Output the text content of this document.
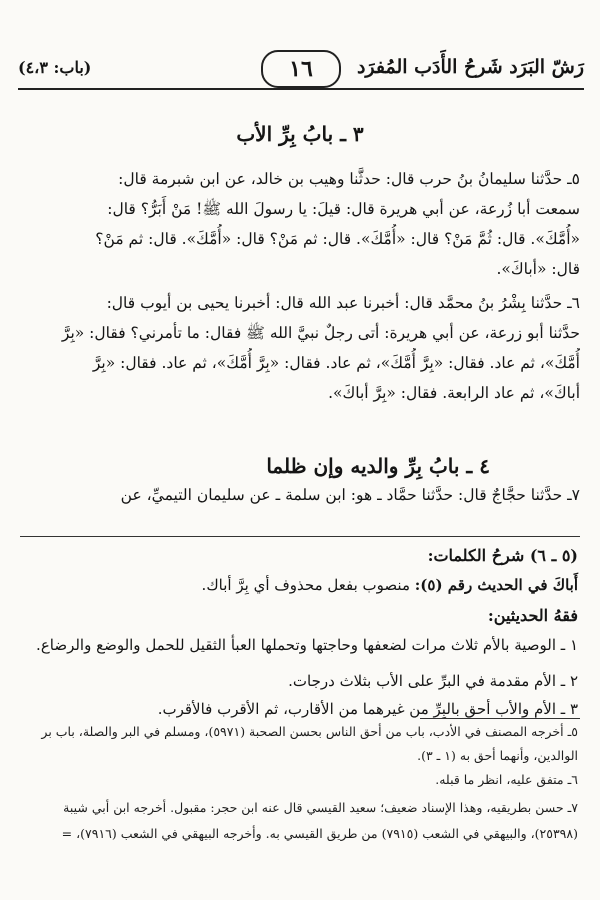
رَشّ البَرَد شَرحُ الأَدَب المُفرَد
١٦
(باب: ٤،٣)
٣ ـ بابُ بِرِّ الأب
٥ـ حدَّثنا سليمانُ بنُ حرب قال: حدثَّنا وهيب بن خالد، عن ابن شبرمة قال:
سمعت أبا زُرعة، عن أبي هريرة قال: قيلَ: يا رسولَ الله ﷺ! مَنْ أَبَرُّ؟ قال:
«أُمَّكَ». قال: ثُمَّ مَنْ؟ قال: «أُمَّكَ». قال: ثم مَنْ؟ قال: «أُمَّكَ». قال: ثم مَنْ؟
قال: «أباكَ».
٦ـ حدَّثنا بِشْرُ بنُ محمَّد قال: أخبرنا عبد الله قال: أخبرنا يحيى بن أيوب قال:
حدَّثنا أبو زرعة، عن أبي هريرة: أتى رجلٌ نبيَّ الله ﷺ فقال: ما تأمرني؟ فقال: «بِرَّ
أُمَّكَ»، ثم عاد. فقال: «بِرَّ أُمَّكَ»، ثم عاد. فقال: «بِرَّ أُمَّكَ»، ثم عاد. فقال: «بِرَّ
أباكَ»، ثم عاد الرابعة. فقال: «بِرَّ أباكَ».
٤ ـ بابُ بِرِّ والديه وإن ظلما
٧ـ حدَّثنا حجَّاجٌ قال: حدَّثنا حمَّاد ـ هو: ابن سلمة ـ عن سليمان التيميِّ، عن
(٥ ـ ٦) شرحُ الكلمات:
أَباكَ في الحديث رقم (٥): منصوب بفعل محذوف أي بِرَّ أباك.
فقهُ الحديثين:
١ ـ الوصية بالأم ثلاث مرات لضعفها وحاجتها وتحملها العبأ الثقيل للحمل والوضع والرضاع.
٢ ـ الأم مقدمة في البرِّ على الأب بثلاث درجات.
٣ ـ الأم والأب أحق بالبِرِّ من غيرهما من الأقارب، ثم الأقرب فالأقرب.
٥ـ أخرجه المصنف في الأدب، باب من أحق الناس بحسن الصحبة (٥٩٧١)، ومسلم في البر والصلة، باب بر
الوالدين، وأنهما أحق به (١ ـ ٣).
٦ـ متفق عليه، انظر ما قبله.
٧ـ حسن بطريقيه، وهذا الإسناد ضعيف؛ سعيد القيسي قال عنه ابن حجر: مقبول. أخرجه ابن أبي شيبة
(٢٥٣٩٨)، والبيهقي في الشعب (٧٩١٥) من طريق القيسي به. وأخرجه البيهقي في الشعب (٧٩١٦)، =
